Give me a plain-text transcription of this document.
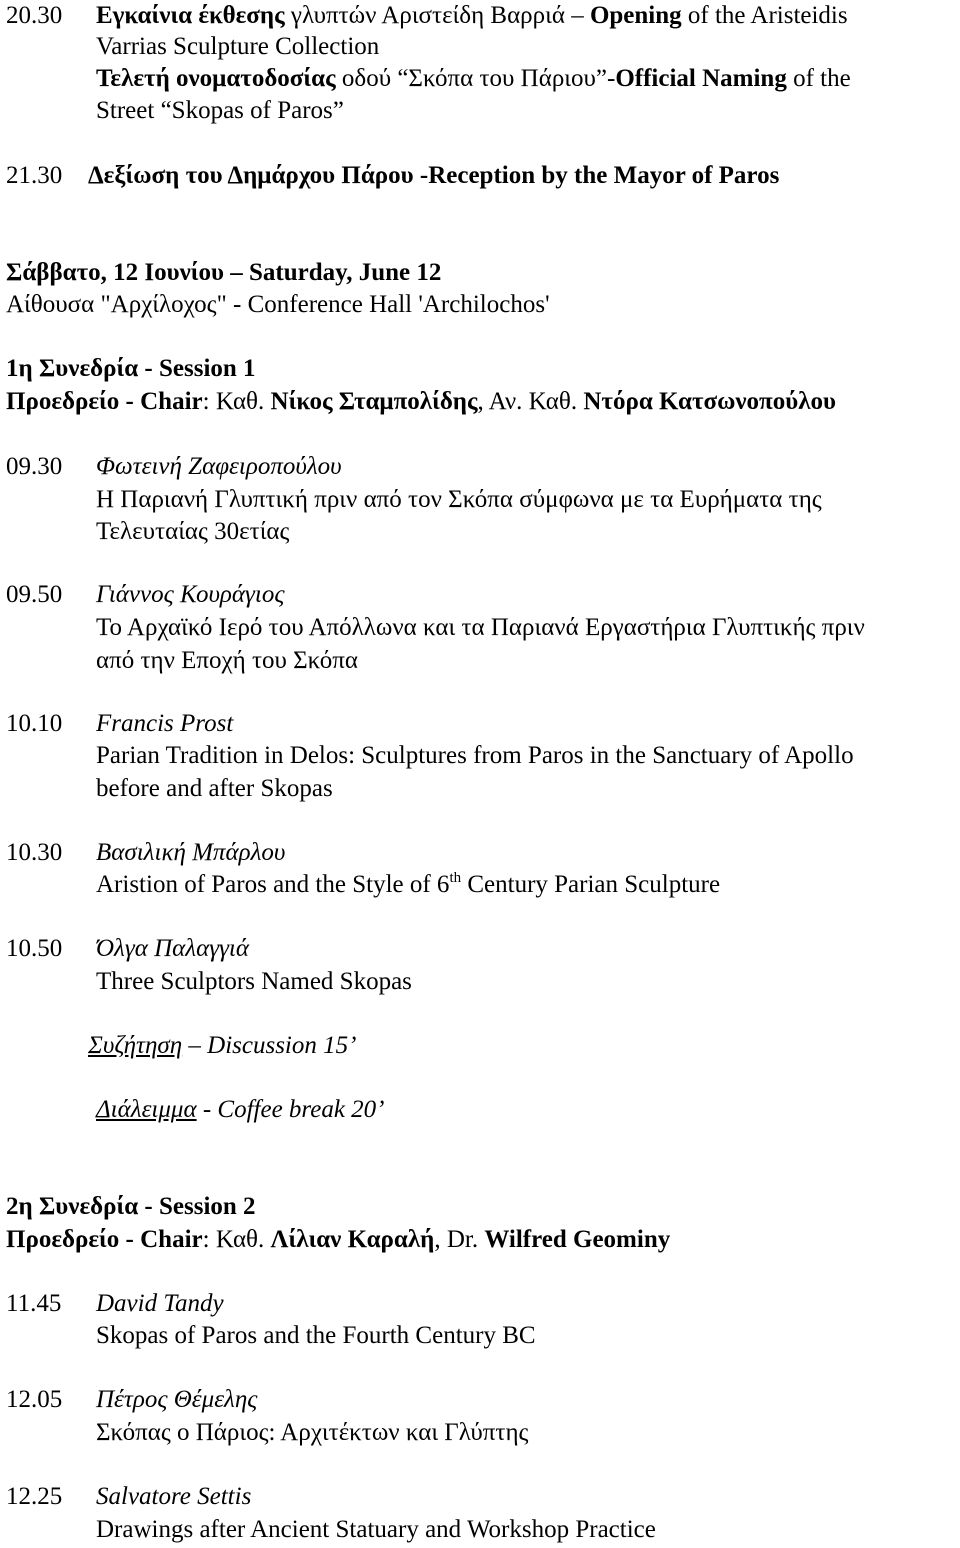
20.30 Εγκαίνια έκθεσης γλυπτών Αριστείδη Βαρριά – Opening of the Aristeidis
Varrias Sculpture Collection
Τελετή ονοματοδοσίας οδού “Σκόπα του Πάριου”-Official Naming of the
Street “Skopas of Paros”
21.30 Δεξίωση του Δημάρχου Πάρου -Reception by the Mayor of Paros
Σάββατο, 12 Ιουνίου – Saturday, June 12
Αίθουσα "Αρχίλοχος" - Conference Hall 'Archilochos'
1η Συνεδρία - Session 1
Προεδρείο - Chair: Καθ. Νίκος Σταμπολίδης, Αν. Καθ. Ντόρα Κατσωνοπούλου
09.30 Φωτεινή Ζαφειροπούλου
Η Παριανή Γλυπτική πριν από τον Σκόπα σύμφωνα με τα Ευρήματα της
Τελευταίας 30ετίας
09.50 Γιάννος Κουράγιος
Το Αρχαϊκό Ιερό του Απόλλωνα και τα Παριανά Εργαστήρια Γλυπτικής πριν
από την Εποχή του Σκόπα
10.10 Francis Prost
Parian Tradition in Delos: Sculptures from Paros in the Sanctuary of Apollo
before and after Skopas
10.30 Βασιλική Μπάρλου
Aristion of Paros and the Style of 6th Century Parian Sculpture
10.50 Όλγα Παλαγγιά
Three Sculptors Named Skopas
Συζήτηση – Discussion 15’
Διάλειμμα - Coffee break 20’
2η Συνεδρία - Session 2
Προεδρείο - Chair: Καθ. Λίλιαν Καραλή, Dr. Wilfred Geominy
11.45 David Tandy
Skopas of Paros and the Fourth Century BC
12.05 Πέτρος Θέμελης
Σκόπας ο Πάριος: Αρχιτέκτων και Γλύπτης
12.25 Salvatore Settis
Drawings after Ancient Statuary and Workshop Practice
